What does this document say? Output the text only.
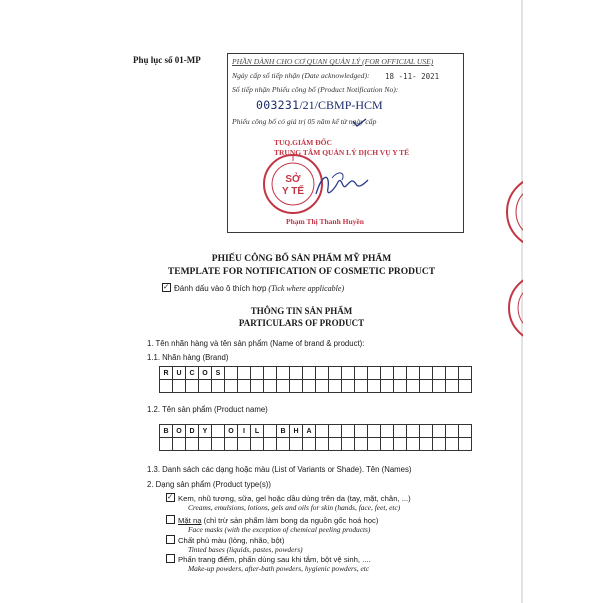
Phụ lục số 01-MP	PHẦN DÀNH CHO CƠ QUAN QUẢN LÝ (FOR OFFICIAL USE)
Ngày cấp số tiếp nhận (Date acknowledged): 18 -11- 2021
Số tiếp nhận Phiếu công bố (Product Notification No):
003231/21/CBMP-HCM
Phiếu công bố có giá trị 05 năm kể từ ngày cấp
TUQ.GIÁM ĐỐC
TRUNG TÂM QUẢN LÝ DỊCH VỤ Y TẾ
Phạm Thị Thanh Huyền
SỞ
Y TẾ
PHIẾU CÔNG BỐ SẢN PHẨM MỸ PHẨM
TEMPLATE FOR NOTIFICATION OF COSMETIC PRODUCT
✓Đánh dấu vào ô thích hợp (Tick where applicable)
THÔNG TIN SẢN PHẨM
PARTICULARS OF PRODUCT
1. Tên nhãn hàng và tên sản phẩm (Name of brand & product):
1.1. Nhãn hàng (Brand)
R	U	C	O	S																			

1.2. Tên sản phẩm (Product name)
B	O	D	Y		O	I	L		B	H	A												

1.3. Danh sách các dạng hoặc màu (List of Variants or Shade). Tên (Names)
2. Dạng sản phẩm (Product type(s))
✓Kem, nhũ tương, sữa, gel hoặc dầu dùng trên da (tay, mặt, chân, ...)
Creams, emulsions, lotions, gels and oils for skin (hands, face, feet, etc)
Mặt nạ (chỉ trừ sản phẩm làm bong da nguồn gốc hoá học)
Face masks (with the exception of chemical peeling products)
Chất phủ màu (lỏng, nhão, bột)
Tinted bases (liquids, pastes, powders)
Phấn trang điểm, phấn dùng sau khi tắm, bột vệ sinh, ....
Make-up powders, after-bath powders, hygienic powders, etc
